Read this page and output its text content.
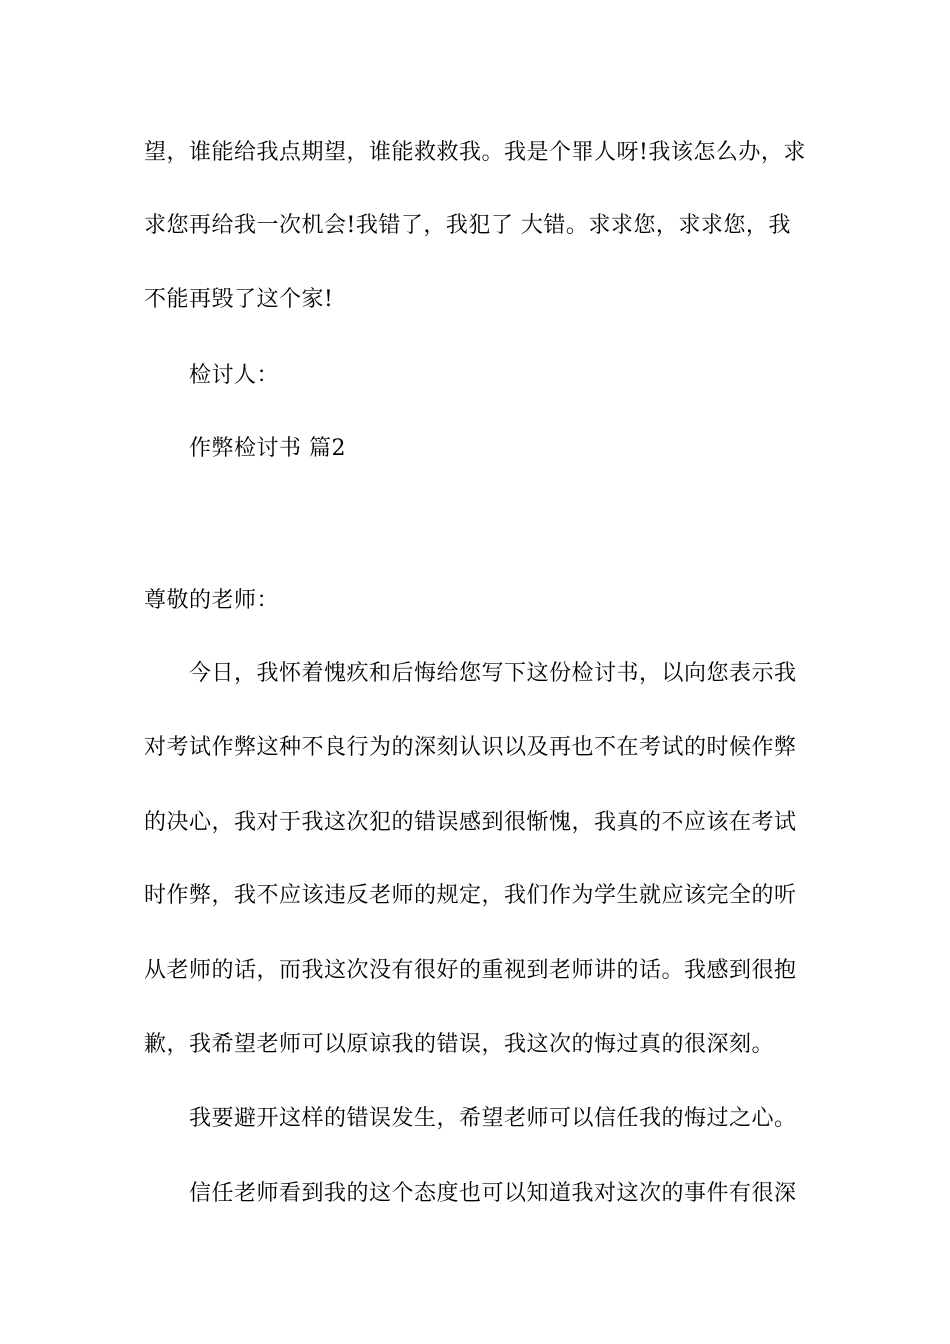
望，谁能给我点期望，谁能救救我。我是个罪人呀!我该怎么办，求
求您再给我一次机会!我错了，我犯了 大错。求求您，求求您，我
不能再毁了这个家!
检讨人：
作弊检讨书 篇2
尊敬的老师：
今日，我怀着愧疚和后悔给您写下这份检讨书，以向您表示我
对考试作弊这种不良行为的深刻认识以及再也不在考试的时候作弊
的决心，我对于我这次犯的错误感到很惭愧，我真的不应该在考试
时作弊，我不应该违反老师的规定，我们作为学生就应该完全的听
从老师的话，而我这次没有很好的重视到老师讲的话。我感到很抱
歉，我希望老师可以原谅我的错误，我这次的悔过真的很深刻。
我要避开这样的错误发生，希望老师可以信任我的悔过之心。
信任老师看到我的这个态度也可以知道我对这次的事件有很深
